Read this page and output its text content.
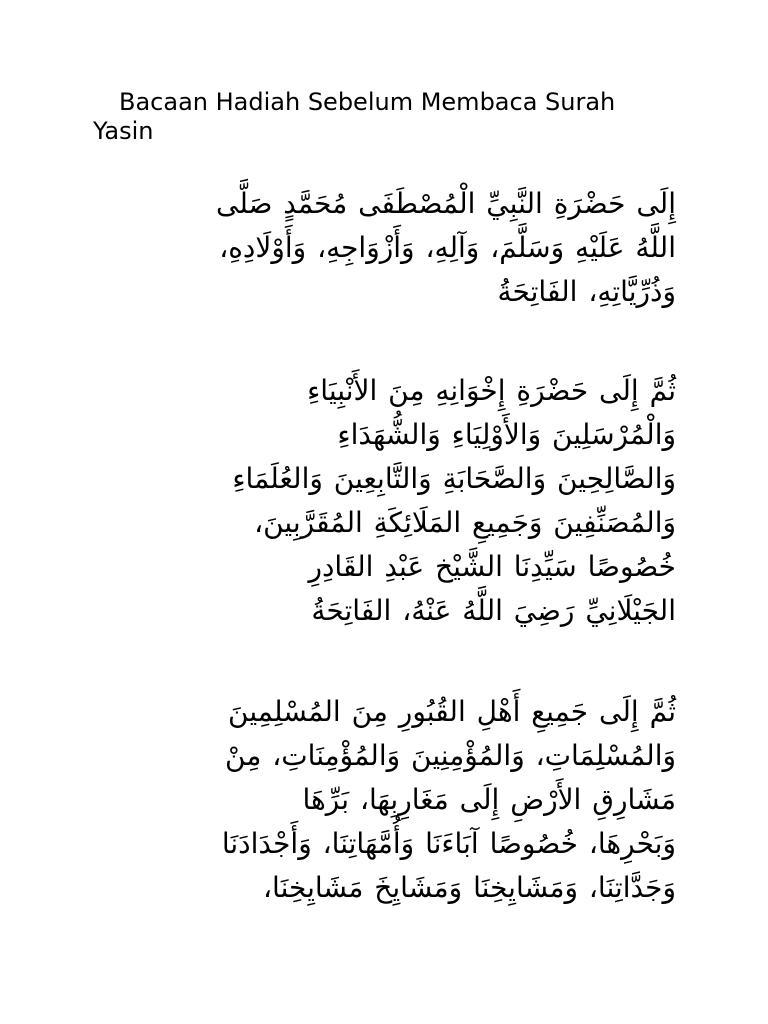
Bacaan Hadiah Sebelum Membaca Surah Yasin

إِلَى حَضْرَةِ النَّبِيِّ الْمُصْطَفَى مُحَمَّدٍ صَلَّى
اللَّهُ عَلَيْهِ وَسَلَّمَ، وَآلِهِ، وَأَزْوَاجِهِ، وَأَوْلَادِهِ،
وَذُرِّيَّاتِهِ، الفَاتِحَةُ

ثُمَّ إِلَى حَضْرَةِ إِخْوَانِهِ مِنَ الأَنْبِيَاءِ
وَالْمُرْسَلِينَ وَالأَوْلِيَاءِ وَالشُّهَدَاءِ
وَالصَّالِحِينَ وَالصَّحَابَةِ وَالتَّابِعِينَ وَالعُلَمَاءِ
وَالمُصَنِّفِينَ وَجَمِيعِ المَلَائِكَةِ المُقَرَّبِينَ،
خُصُوصًا سَيِّدِنَا الشَّيْخ عَبْدِ القَادِرِ
الجَيْلَانِيِّ رَضِيَ اللَّهُ عَنْهُ، الفَاتِحَةُ

ثُمَّ إِلَى جَمِيعِ أَهْلِ القُبُورِ مِنَ المُسْلِمِينَ
وَالمُسْلِمَاتِ، وَالمُؤْمِنِينَ وَالمُؤْمِنَاتِ، مِنْ
مَشَارِقِ الأَرْضِ إِلَى مَغَارِبِهَا، بَرِّهَا
وَبَحْرِهَا، خُصُوصًا آبَاءَنَا وَأُمَّهَاتِنَا، وَأَجْدَادَنَا
وَجَدَّاتِنَا، وَمَشَايِخِنَا وَمَشَايِخَ مَشَايِخِنَا،
